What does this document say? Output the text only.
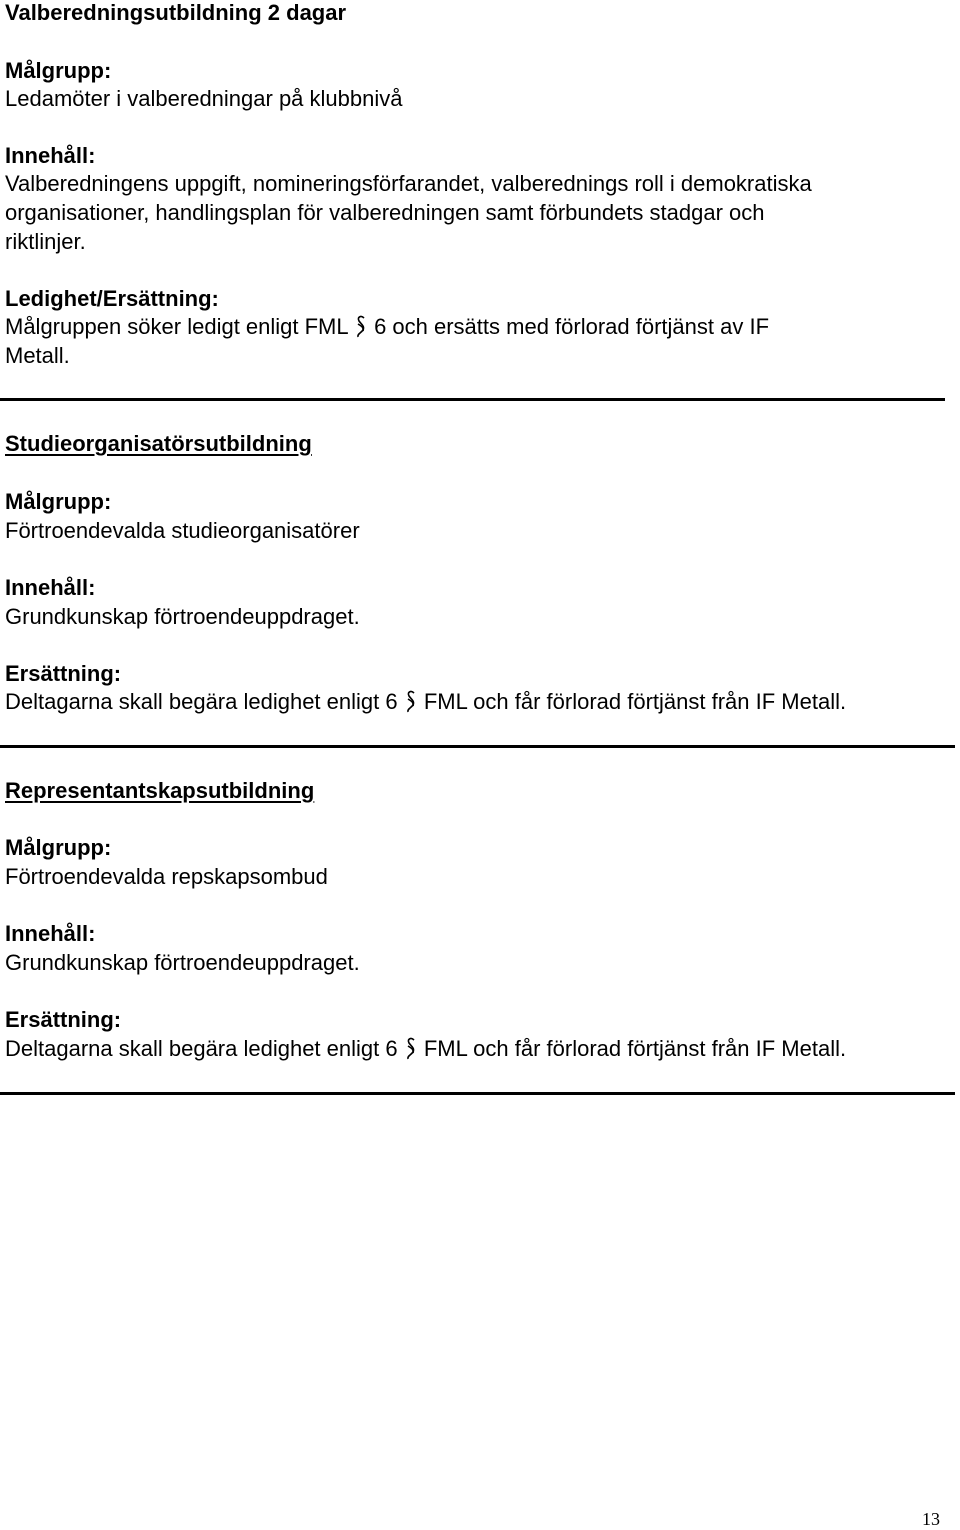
Valberedningsutbildning 2 dagar
Målgrupp:
Ledamöter i valberedningar på klubbnivå
Innehåll:
Valberedningens uppgift, nomineringsförfarandet, valberednings roll i demokratiska
organisationer, handlingsplan för valberedningen samt förbundets stadgar och
riktlinjer.
Ledighet/Ersättning:
Målgruppen söker ledigt enligt FML 6 och ersätts med förlorad förtjänst av IF
Metall.
Studieorganisatörsutbildning
Målgrupp:
Förtroendevalda studieorganisatörer
Innehåll:
Grundkunskap förtroendeuppdraget.
Ersättning:
Deltagarna skall begära ledighet enligt 6 FML och får förlorad förtjänst från IF Metall.
Representantskapsutbildning
Målgrupp:
Förtroendevalda repskapsombud
Innehåll:
Grundkunskap förtroendeuppdraget.
Ersättning:
Deltagarna skall begära ledighet enligt 6 FML och får förlorad förtjänst från IF Metall.
13
